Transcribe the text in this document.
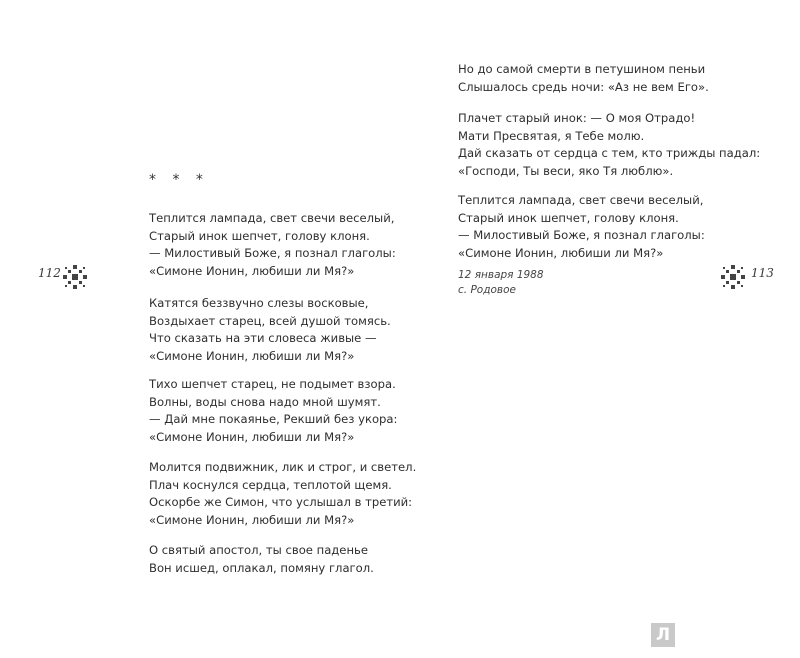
* * *
Теплится лампада, свет свечи веселый,
Старый инок шепчет, голову клоня.
— Милостивый Боже, я познал глаголы:
«Симоне Ионин, любиши ли Мя?»
Катятся беззвучно слезы восковые,
Воздыхает старец, всей душой томясь.
Что сказать на эти словеса живые —
«Симоне Ионин, любиши ли Мя?»
Тихо шепчет старец, не подымет взора.
Волны, воды снова надо мной шумят.
— Дай мне покаянье, Рекший без укора:
«Симоне Ионин, любиши ли Мя?»
Молится подвижник, лик и строг, и светел.
Плач коснулся сердца, теплотой щемя.
Оскорбе же Симон, что услышал в третий:
«Симоне Ионин, любиши ли Мя?»
О святый апостол, ты свое паденье
Вон исшед, оплакал, помяну глагол.
112
Но до самой смерти в петушином пеньи
Слышалось средь ночи: «Аз не вем Его».
Плачет старый инок: — О моя Отрадо!
Мати Пресвятая, я Тебе молю.
Дай сказать от сердца с тем, кто трижды падал:
«Господи, Ты веси, яко Тя люблю».
Теплится лампада, свет свечи веселый,
Старый инок шепчет, голову клоня.
— Милостивый Боже, я познал глаголы:
«Симоне Ионин, любиши ли Мя?»
12 января 1988
с. Родовое
113
Л
